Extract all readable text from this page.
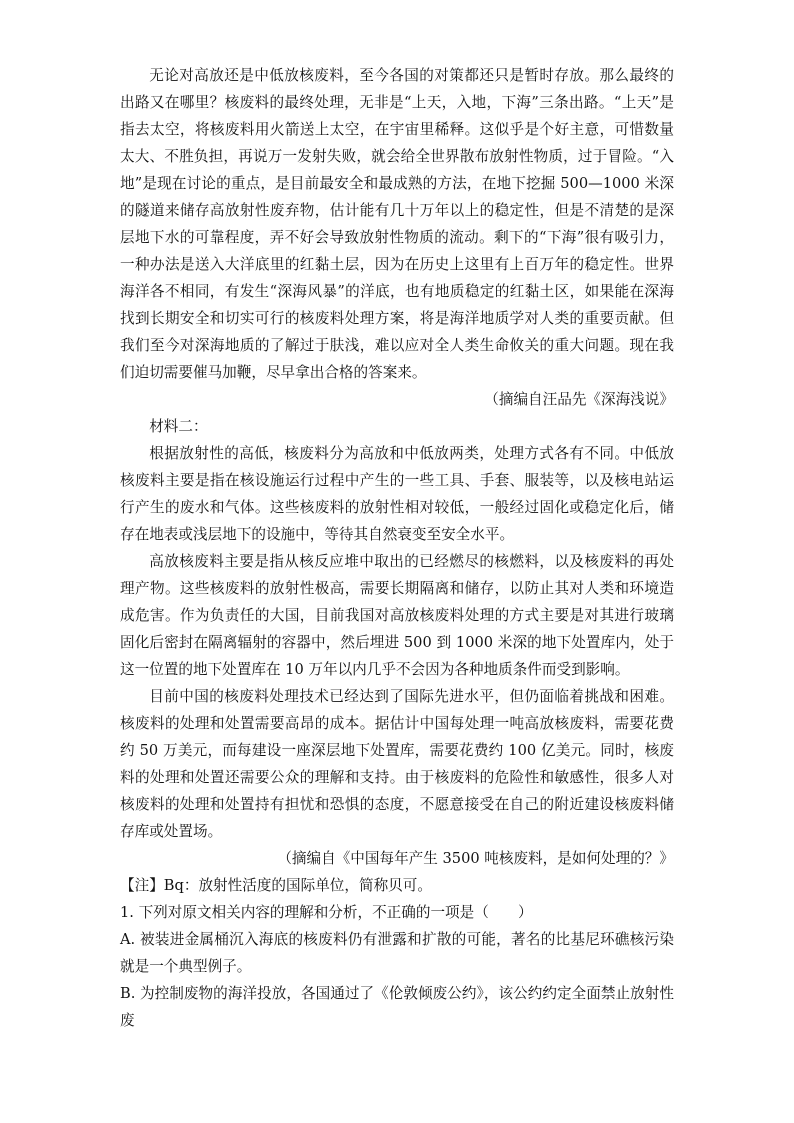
无论对高放还是中低放核废料，至今各国的对策都还只是暂时存放。那么最终的出路又在哪里？核废料的最终处理，无非是“上天，入地，下海”三条出路。“上天”是指去太空，将核废料用火箭送上太空，在宇宙里稀释。这似乎是个好主意，可惜数量太大、不胜负担，再说万一发射失败，就会给全世界散布放射性物质，过于冒险。“入地”是现在讨论的重点，是目前最安全和最成熟的方法，在地下挖掘 500—1000 米深的隧道来储存高放射性废弃物，估计能有几十万年以上的稳定性，但是不清楚的是深层地下水的可靠程度，弄不好会导致放射性物质的流动。剩下的“下海”很有吸引力，一种办法是送入大洋底里的红黏土层，因为在历史上这里有上百万年的稳定性。世界海洋各不相同，有发生“深海风暴”的洋底，也有地质稳定的红黏土区，如果能在深海找到长期安全和切实可行的核废料处理方案，将是海洋地质学对人类的重要贡献。但我们至今对深海地质的了解过于肤浅，难以应对全人类生命攸关的重大问题。现在我们迫切需要催马加鞭，尽早拿出合格的答案来。

（摘编自汪品先《深海浅说》

材料二：

根据放射性的高低，核废料分为高放和中低放两类，处理方式各有不同。中低放核废料主要是指在核设施运行过程中产生的一些工具、手套、服装等，以及核电站运行产生的废水和气体。这些核废料的放射性相对较低，一般经过固化或稳定化后，储存在地表或浅层地下的设施中，等待其自然衰变至安全水平。

高放核废料主要是指从核反应堆中取出的已经燃尽的核燃料，以及核废料的再处理产物。这些核废料的放射性极高，需要长期隔离和储存，以防止其对人类和环境造成危害。作为负责任的大国，目前我国对高放核废料处理的方式主要是对其进行玻璃固化后密封在隔离辐射的容器中，然后埋进 500 到 1000 米深的地下处置库内，处于这一位置的地下处置库在 10 万年以内几乎不会因为各种地质条件而受到影响。

目前中国的核废料处理技术已经达到了国际先进水平，但仍面临着挑战和困难。核废料的处理和处置需要高昂的成本。据估计中国每处理一吨高放核废料，需要花费约 50 万美元，而每建设一座深层地下处置库，需要花费约 100 亿美元。同时，核废料的处理和处置还需要公众的理解和支持。由于核废料的危险性和敏感性，很多人对核废料的处理和处置持有担忧和恐惧的态度，不愿意接受在自己的附近建设核废料储存库或处置场。

（摘编自《中国每年产生 3500 吨核废料，是如何处理的？》

【注】Bq：放射性活度的国际单位，简称贝可。

1. 下列对原文相关内容的理解和分析，不正确的一项是（　　）

A. 被装进金属桶沉入海底的核废料仍有泄露和扩散的可能，著名的比基尼环礁核污染就是一个典型例子。

B. 为控制废物的海洋投放，各国通过了《伦敦倾废公约》，该公约约定全面禁止放射性废
